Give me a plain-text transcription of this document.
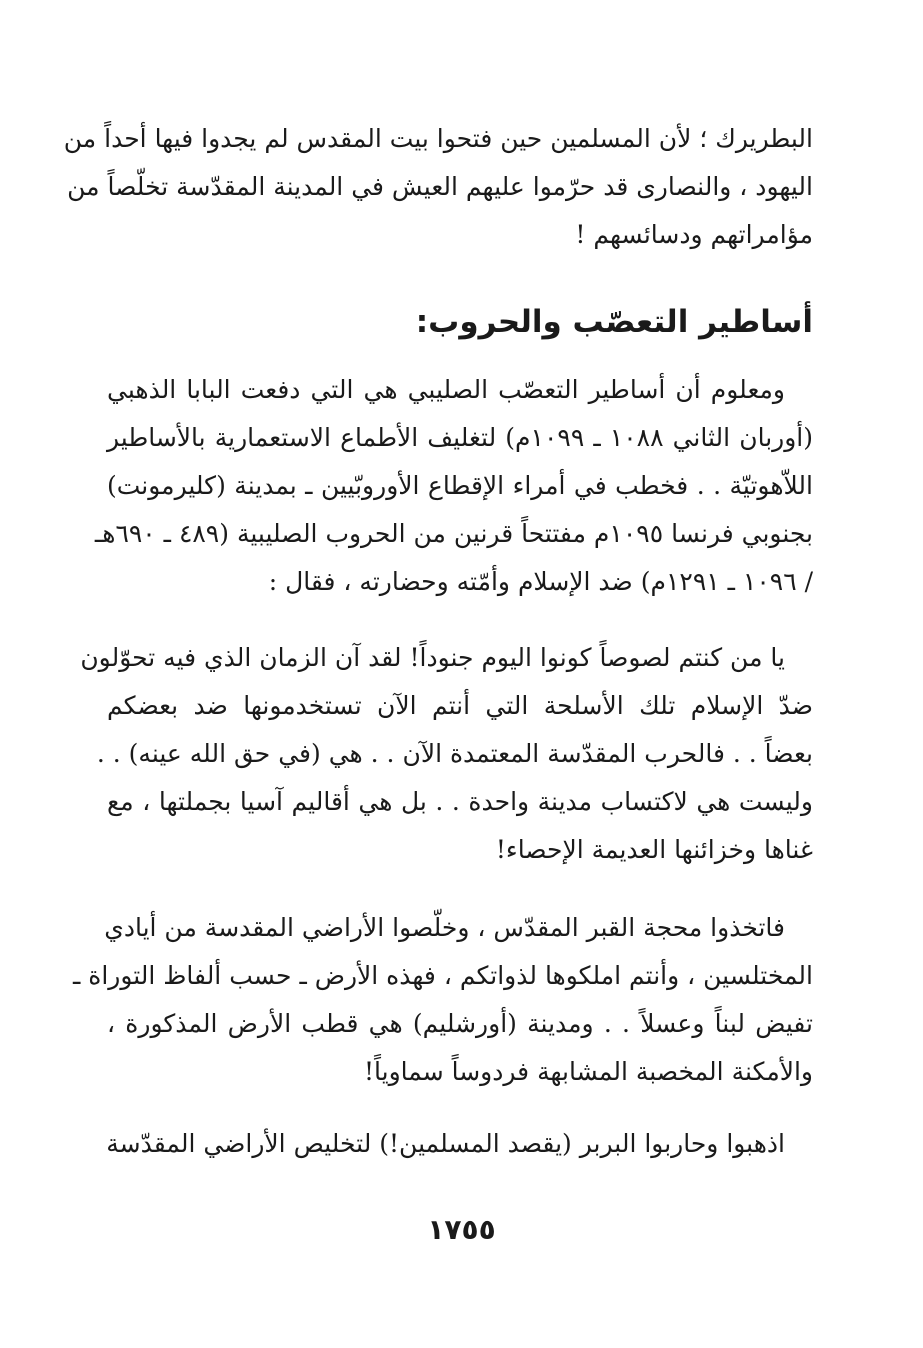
البطريرك ؛ لأن المسلمين حين فتحوا بيت المقدس لم يجدوا فيها أحداً من
اليهود ، والنصارى قد حرّموا عليهم العيش في المدينة المقدّسة تخلّصاً من
مؤامراتهم ودسائسهم !
أساطير التعصّب والحروب:
ومعلوم أن أساطير التعصّب الصليبي هي التي دفعت البابا الذهبي
(أوربان الثاني ١٠٨٨ ـ ١٠٩٩م) لتغليف الأطماع الاستعمارية بالأساطير
اللاّهوتيّة . . فخطب في أمراء الإقطاع الأوروبّيين ـ بمدينة (كليرمونت)
بجنوبي فرنسا ١٠٩٥م مفتتحاً قرنين من الحروب الصليبية (٤٨٩ ـ ٦٩٠هـ
/ ١٠٩٦ ـ ١٢٩١م) ضد الإسلام وأمّته وحضارته ، فقال :
يا من كنتم لصوصاً كونوا اليوم جنوداً! لقد آن الزمان الذي فيه تحوّلون
ضدّ الإسلام تلك الأسلحة التي أنتم الآن تستخدمونها ضد بعضكم
بعضاً . . فالحرب المقدّسة المعتمدة الآن . . هي (في حق الله عينه) . .
وليست هي لاكتساب مدينة واحدة . . بل هي أقاليم آسيا بجملتها ، مع
غناها وخزائنها العديمة الإحصاء!
فاتخذوا محجة القبر المقدّس ، وخلّصوا الأراضي المقدسة من أيادي
المختلسين ، وأنتم املكوها لذواتكم ، فهذه الأرض ـ حسب ألفاظ التوراة ـ
تفيض لبناً وعسلاً . . ومدينة (أورشليم) هي قطب الأرض المذكورة ،
والأمكنة المخصبة المشابهة فردوساً سماوياً!
اذهبوا وحاربوا البربر (يقصد المسلمين!) لتخليص الأراضي المقدّسة
١٧٥٥
